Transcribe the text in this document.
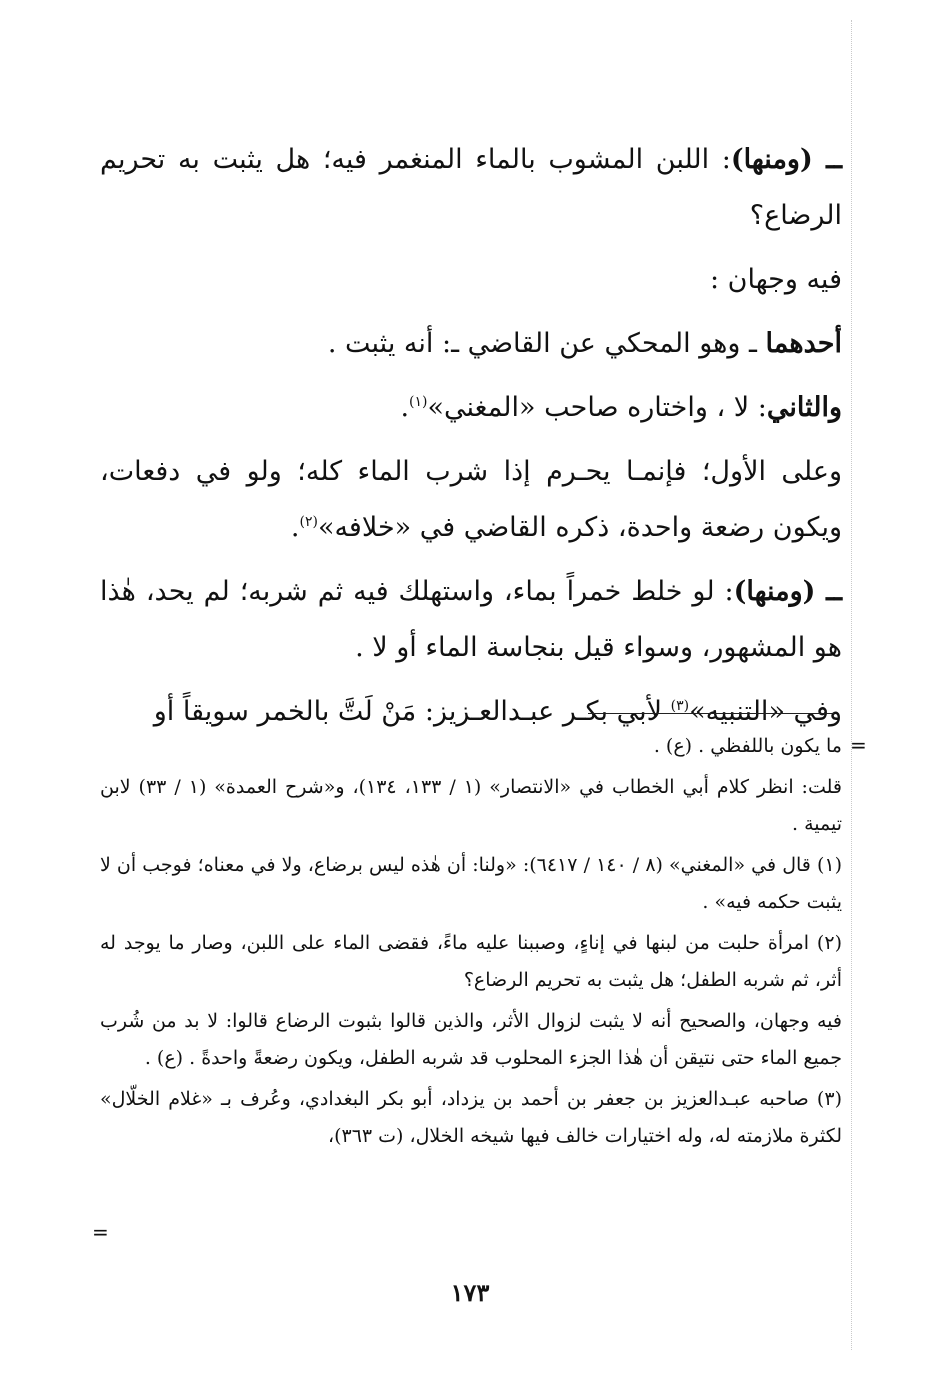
ــ (ومنها): اللبن المشوب بالماء المنغمر فيه؛ هل يثبت به تحريم الرضاع؟

فيه وجهان :

أحدهما ـ وهو المحكي عن القاضي ـ: أنه يثبت .

والثاني: لا ، واختاره صاحب «المغني»$^{(١)}$.

وعلى الأول؛ فإنمـا يحـرم إذا شرب الماء كله؛ ولو في دفعات، ويكون رضعة واحدة، ذكره القاضي في «خلافه»$^{(٢)}$.

ــ (ومنها): لو خلط خمراً بماء، واستهلك فيه ثم شربه؛ لم يحد، هٰذا هو المشهور، وسواء قيل بنجاسة الماء أو لا .

وفي «التنبيه»$^{(٣)}$ لأبي بكـر عبـدالعـزيز: مَنْ لَتَّ بالخمر سويقاً أو

=

ما يكون باللفظي . (ع) .

قلت: انظر كلام أبي الخطاب في «الانتصار» (١ / ١٣٣، ١٣٤)، و«شرح العمدة» (١ / ٣٣) لابن تيمية .

(١) قال في «المغني» (٨ / ١٤٠ / ٦٤١٧): «ولنا: أن هٰذه ليس برضاع، ولا في معناه؛ فوجب أن لا يثبت حكمه فيه» .

(٢) امرأة حلبت من لبنها في إناءٍ، وصببنا عليه ماءً، فقضى الماء على اللبن، وصار ما يوجد له أثر، ثم شربه الطفل؛ هل يثبت به تحريم الرضاع؟

فيه وجهان، والصحيح أنه لا يثبت لزوال الأثر، والذين قالوا بثبوت الرضاع قالوا: لا بد من شُرب جميع الماء حتى نتيقن أن هٰذا الجزء المحلوب قد شربه الطفل، ويكون رضعةً واحدةً . (ع) .

(٣) صاحبه عبـدالعزيز بن جعفر بن أحمد بن يزداد، أبو بكر البغدادي، وعُرف بـ «غلام الخلّال» لكثرة ملازمته له، وله اختيارات خالف فيها شيخه الخلال، (ت ٣٦٣)،

=
١٧٣
